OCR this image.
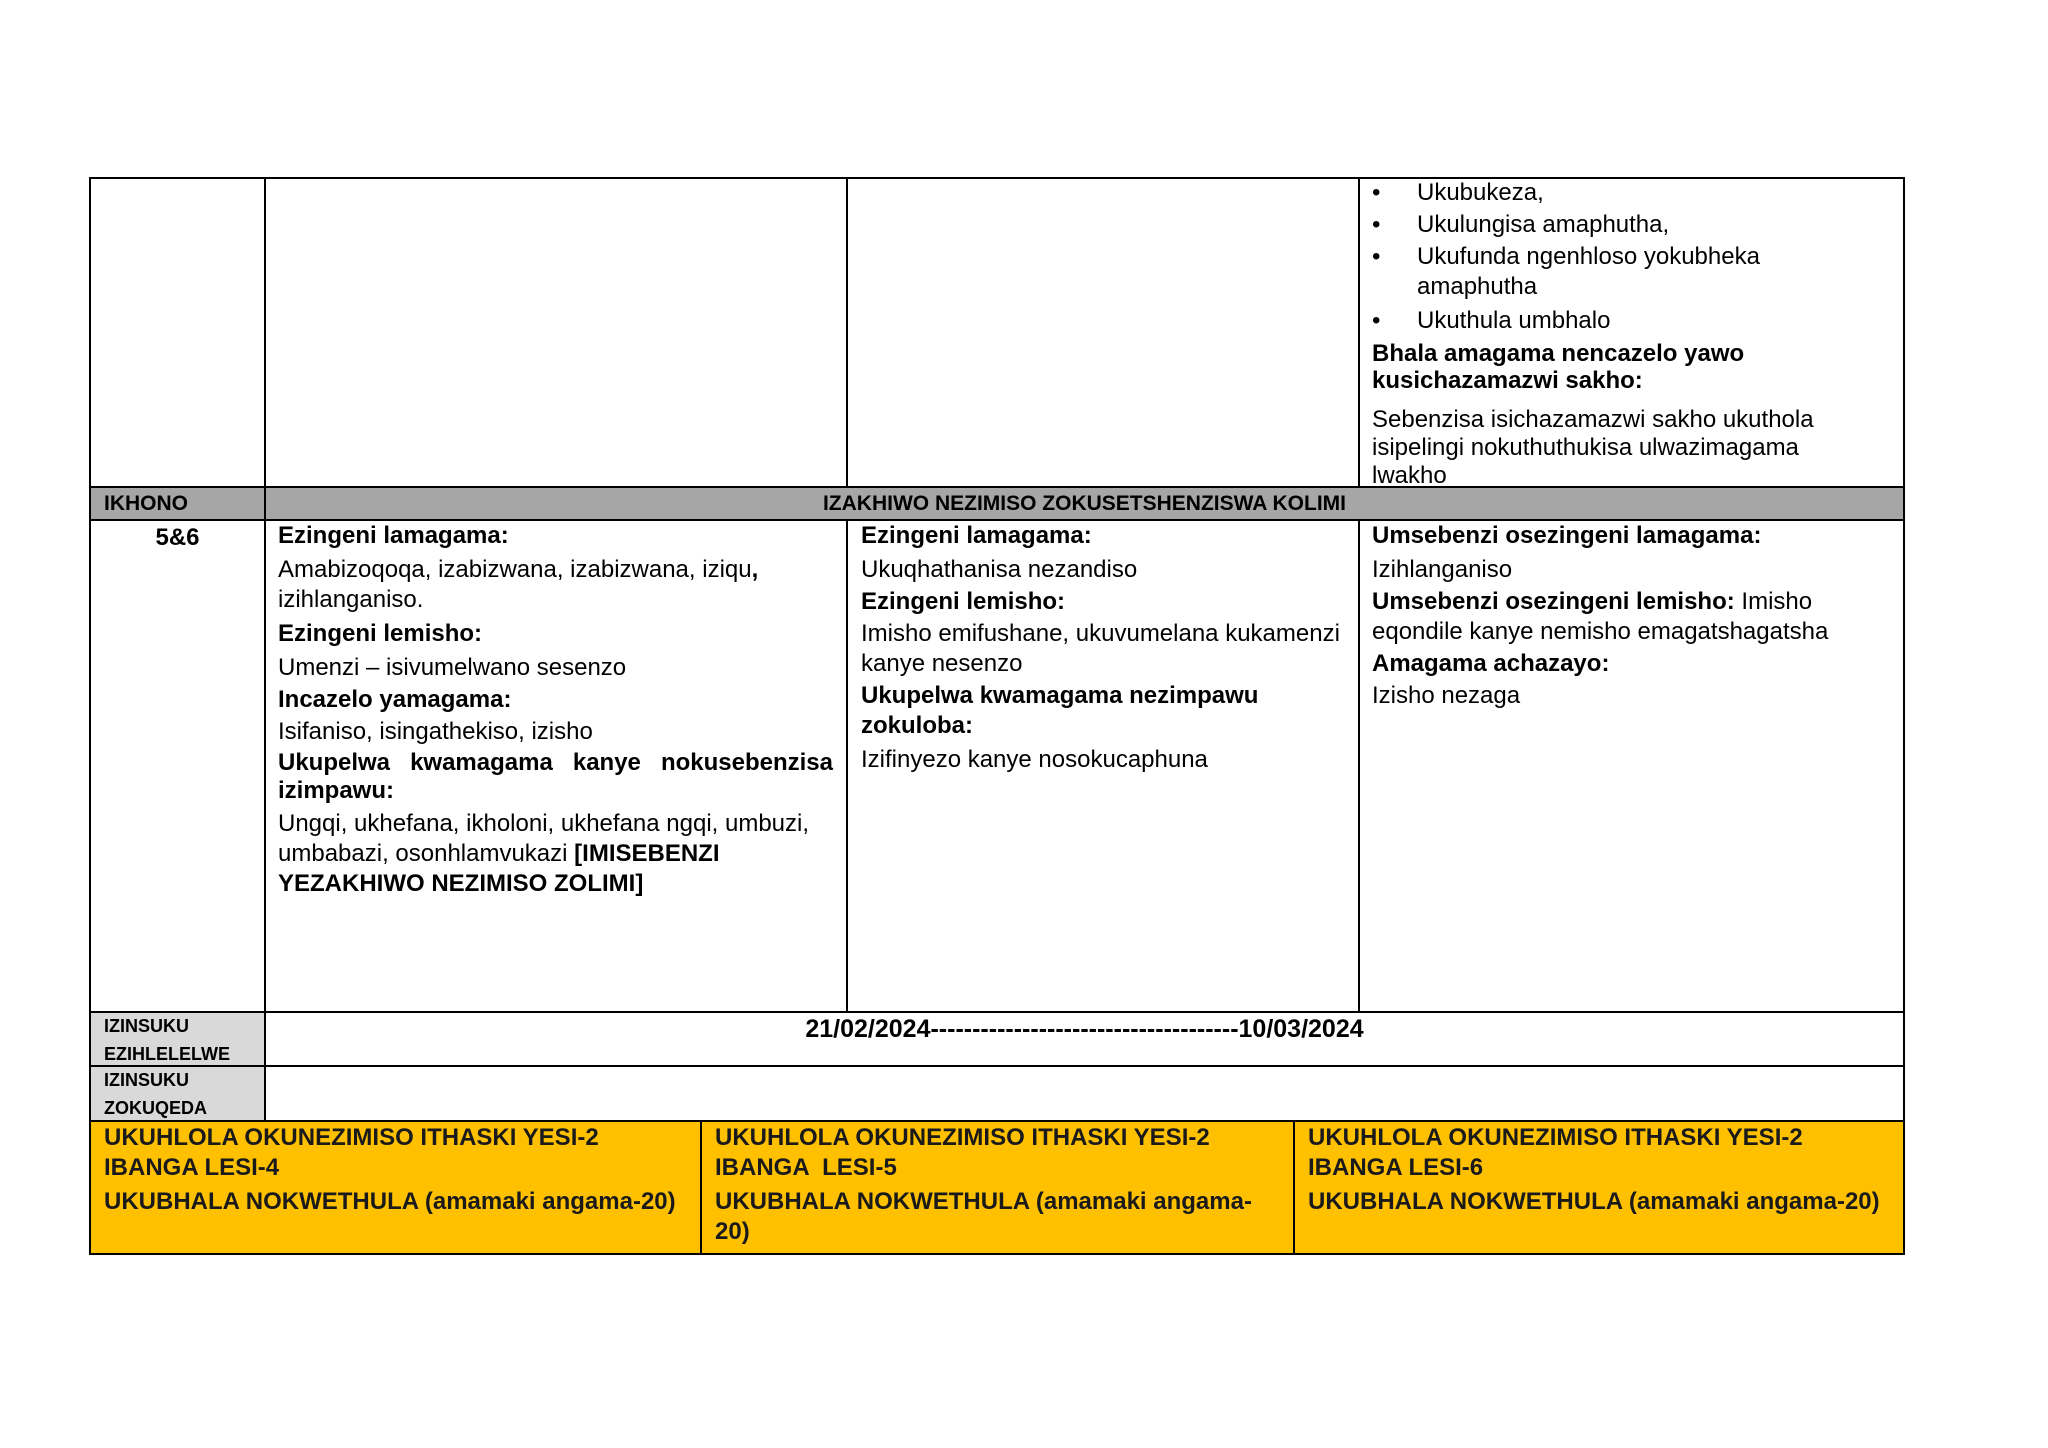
• Ukubukeza,
• Ukulungisa amaphutha,
• Ukufunda ngenhloso yokubheka amaphutha
• Ukuthula umbhalo

Bhala amagama nencazelo yawo kusichazamazwi sakho:

Sebenzisa isichazamazwi sakho ukuthola isipelingi nokuthuthukisa ulwazimagama lwakho

IKHONO	IZAKHIWO NEZIMISO ZOKUSETSHENZISWA KOLIMI
5&6	Ezingeni lamagama:

Amabizoqoqa, izabizwana, izabizwana, iziqu,
izihlanganiso.

Ezingeni lemisho:

Umenzi – isivumelwano sesenzo

Incazelo yamagama:

Isifaniso, isingathekiso, izisho

Ukupelwa kwamagama kanye nokusebenzisa izimpawu:

Ungqi, ukhefana, ikholoni, ukhefana ngqi, umbuzi, umbabazi, osonhlamvukazi [IMISEBENZI YEZAKHIWO NEZIMISO ZOLIMI]

Ezingeni lamagama:

Ukuqhathanisa nezandiso

Ezingeni lemisho:

Imisho emifushane, ukuvumelana kukamenzi kanye nesenzo

Ukupelwa kwamagama nezimpawu zokuloba:

Izifinyezo kanye nosokucaphuna

Umsebenzi osezingeni lamagama:

Izihlanganiso

Umsebenzi osezingeni lemisho: Imisho eqondile kanye nemisho emagatshagatsha

Amagama achazayo:

Izisho nezaga

IZINSUKU
EZIHLELELWE
21/02/2024-------------------------------------10/03/2024
IZINSUKU
ZOKUQEDA
UKUHLOLA OKUNEZIMISO ITHASKI YESI-2
IBANGA LESI-4
UKUBHALA NOKWETHULA (amamaki angama-20)
UKUHLOLA OKUNEZIMISO ITHASKI YESI-2
IBANGA  LESI-5
UKUBHALA NOKWETHULA (amamaki angama-20)
UKUHLOLA OKUNEZIMISO ITHASKI YESI-2
IBANGA LESI-6
UKUBHALA NOKWETHULA (amamaki angama-20)
